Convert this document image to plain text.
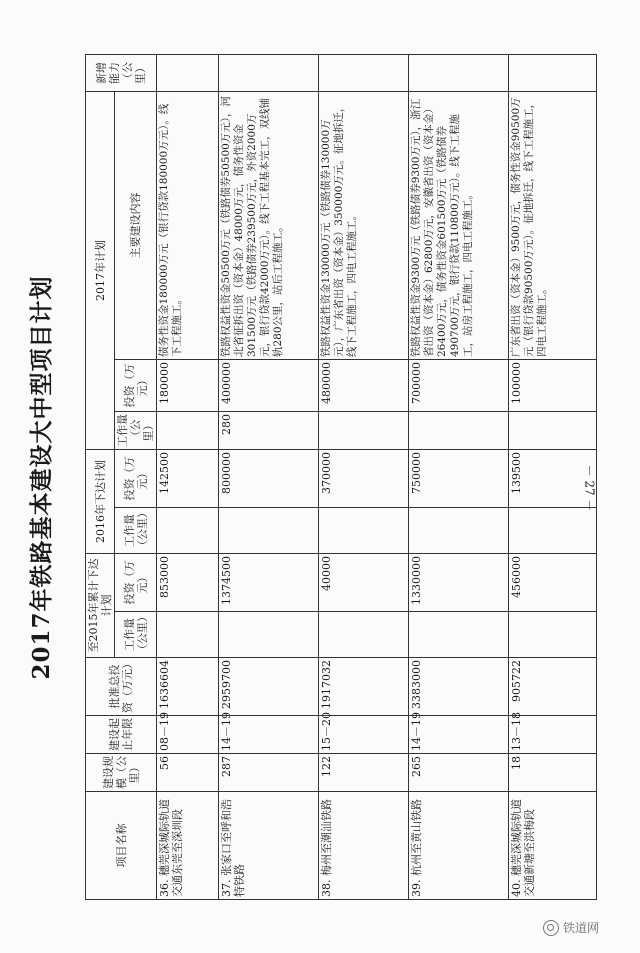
2017年铁路基本建设大中型项目计划
项目名称	建设规模（公里）	建设起止年限	批准总投资（万元）	至2015年累计下达计划		2016年下达计划		2017年计划			新增能力（公里）
				工作量（公里）	投资（万元）	工作量（公里）	投资（万元）	工作量（公里）	投资（万元）	主要建设内容	
36. 穗莞深城际轨道交通东莞至深圳段	56	08－19	1636604		853000		142500		180000	债务性资金180000万元（银行贷款180000万元）。线下工程施工。	
37. 张家口至呼和浩特铁路	287	14－19	2959700		1374500		800000	280	400000	铁路权益性资金50500万元（铁路债券50500万元），河北省征拆出资（资本金）48000万元，债务性资金301500万元（铁路债券239500万元，外资2000万元，银行贷款42000万元）。线下工程基本完工，双线铺轨280公里，站后工程施工。	
38. 梅州至潮汕铁路	122	15－20	1917032		40000		370000		480000	铁路权益性资金130000万元（铁路债券130000万元），广东省出资（资本金）350000万元。征地拆迁，线下工程施工，四电工程施工。	
39. 杭州至黄山铁路	265	14－19	3383000		1330000		750000		700000	铁路权益性资金9300万元（铁路债券9300万元），浙江省出资（资本金）62800万元，安徽省出资（资本金）26400万元，债务性资金601500万元（铁路债券490700万元，银行贷款110800万元）。线下工程施工，站房工程施工，四电工程施工。	
40. 穗莞深城际轨道交通新塘至洪梅段	18	13－18	905722		456000		139500		100000	广东省出资（资本金）9500万元，债务性资金90500万元（银行贷款90500万元）。征地拆迁，线下工程施工，四电工程施工。	
－ 27 －
铁道网
